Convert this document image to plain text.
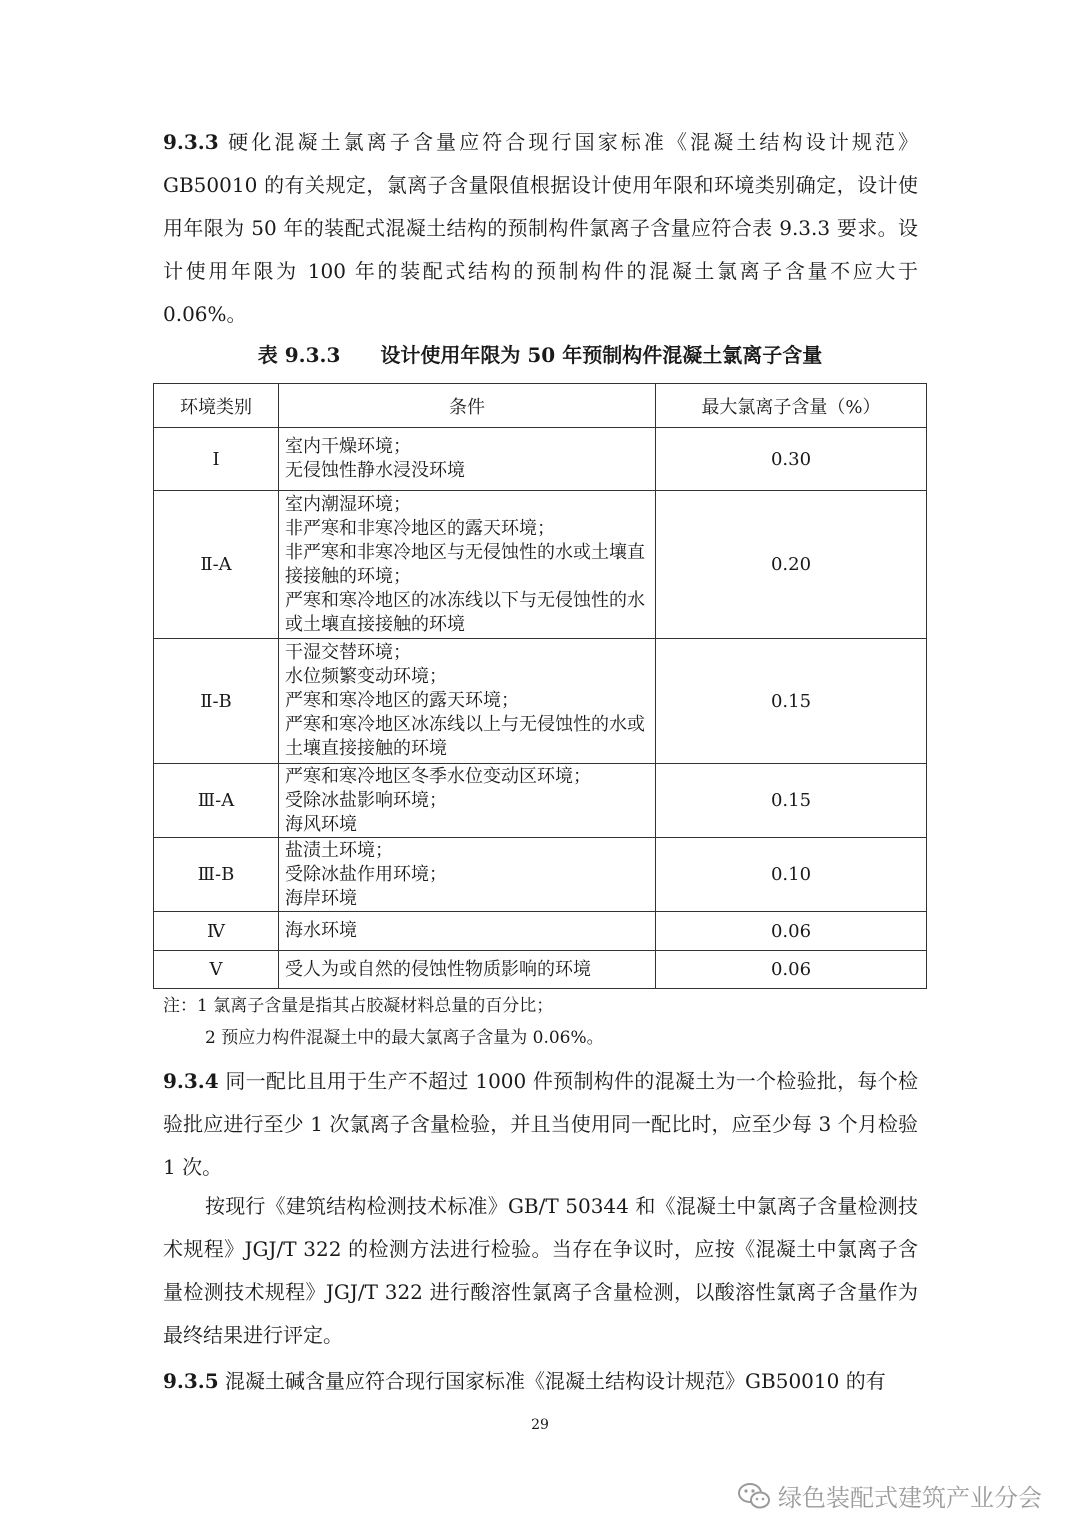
9.3.3 硬化混凝土氯离子含量应符合现行国家标准《混凝土结构设计规范》GB50010 的有关规定，氯离子含量限值根据设计使用年限和环境类别确定，设计使用年限为 50 年的装配式混凝土结构的预制构件氯离子含量应符合表 9.3.3 要求。设计使用年限为 100 年的装配式结构的预制构件的混凝土氯离子含量不应大于 0.06%。
表 9.3.3　　设计使用年限为 50 年预制构件混凝土氯离子含量
环境类别	条件	最大氯离子含量（%）
Ⅰ	室内干燥环境；
无侵蚀性静水浸没环境	0.30
Ⅱ-A	室内潮湿环境；
非严寒和非寒冷地区的露天环境；
非严寒和非寒冷地区与无侵蚀性的水或土壤直接接触的环境；
严寒和寒冷地区的冰冻线以下与无侵蚀性的水或土壤直接接触的环境	0.20
Ⅱ-B	干湿交替环境；
水位频繁变动环境；
严寒和寒冷地区的露天环境；
严寒和寒冷地区冰冻线以上与无侵蚀性的水或土壤直接接触的环境	0.15
Ⅲ-A	严寒和寒冷地区冬季水位变动区环境；
受除冰盐影响环境；
海风环境	0.15
Ⅲ-B	盐渍土环境；
受除冰盐作用环境；
海岸环境	0.10
Ⅳ	海水环境	0.06
Ⅴ	受人为或自然的侵蚀性物质影响的环境	0.06
注：1 氯离子含量是指其占胶凝材料总量的百分比；
2 预应力构件混凝土中的最大氯离子含量为 0.06%。
9.3.4 同一配比且用于生产不超过 1000 件预制构件的混凝土为一个检验批，每个检验批应进行至少 1 次氯离子含量检验，并且当使用同一配比时，应至少每 3 个月检验 1 次。
按现行《建筑结构检测技术标准》GB/T 50344 和《混凝土中氯离子含量检测技术规程》JGJ/T 322 的检测方法进行检验。当存在争议时，应按《混凝土中氯离子含量检测技术规程》JGJ/T 322 进行酸溶性氯离子含量检测，以酸溶性氯离子含量作为最终结果进行评定。
9.3.5 混凝土碱含量应符合现行国家标准《混凝土结构设计规范》GB50010 的有
29
绿色装配式建筑产业分会
